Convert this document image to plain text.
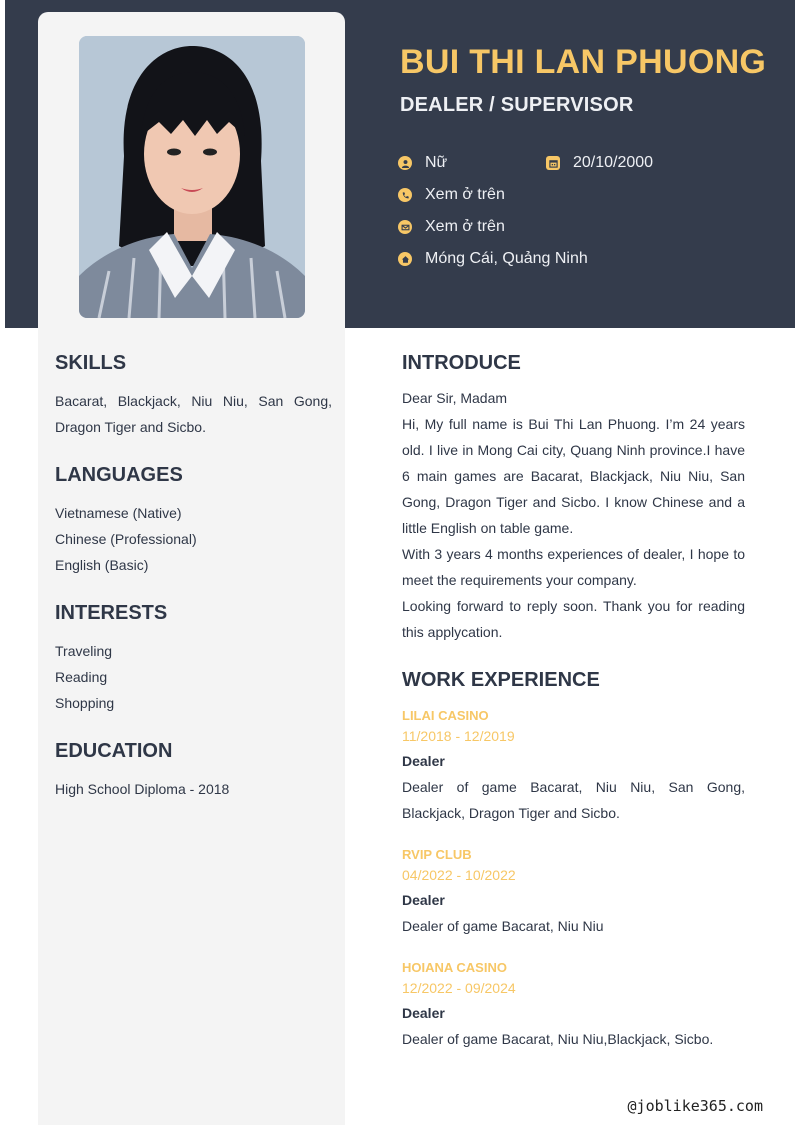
BUI THI LAN PHUONG
DEALER / SUPERVISOR
Nữ	20/10/2000
Xem ở trên
Xem ở trên
Móng Cái, Quảng Ninh
SKILLS

Bacarat, Blackjack, Niu Niu, San Gong, Dragon Tiger and Sicbo.

LANGUAGES
Vietnamese (Native)
Chinese (Professional)
English (Basic)
INTERESTS
Traveling
Reading
Shopping
EDUCATION
High School Diploma - 2018
INTRODUCE

Dear Sir, Madam

Hi, My full name is Bui Thi Lan Phuong. I’m 24 years old. I live in Mong Cai city, Quang Ninh province.I have 6 main games are Bacarat, Blackjack, Niu Niu, San Gong, Dragon Tiger and Sicbo. I know Chinese and a little English on table game.

With 3 years 4 months experiences of dealer, I hope to meet the requirements your company.

Looking forward to reply soon. Thank you for reading this applycation.

WORK EXPERIENCE

LILAI CASINO

11/2018 - 12/2019

Dealer

Dealer of game Bacarat, Niu Niu, San Gong, Blackjack, Dragon Tiger and Sicbo.

RVIP CLUB

04/2022 - 10/2022

Dealer

Dealer of game Bacarat, Niu Niu

HOIANA CASINO

12/2022 - 09/2024

Dealer

Dealer of game Bacarat, Niu Niu,Blackjack, Sicbo.

@joblike365.com
